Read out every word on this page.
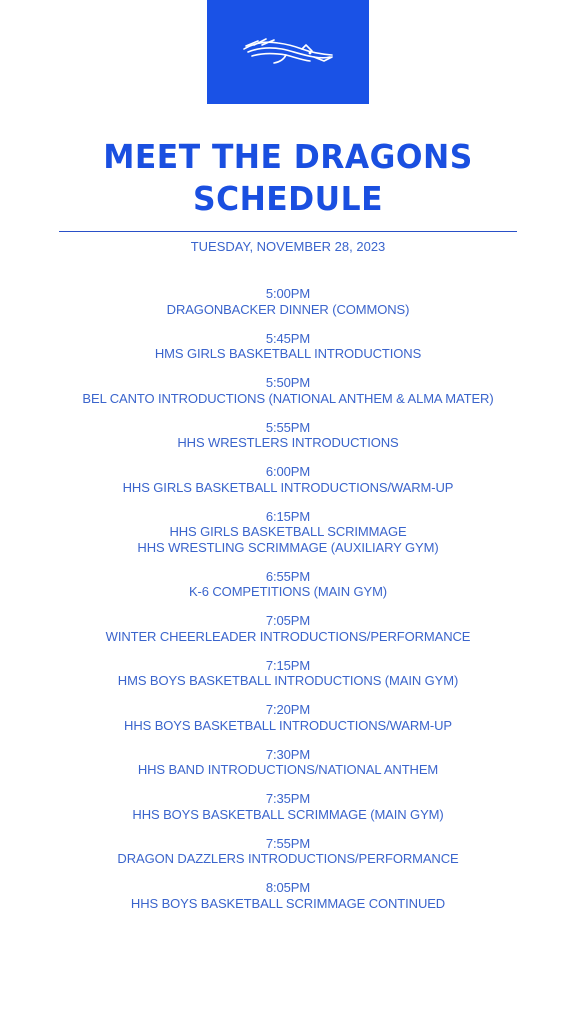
MEET THE DRAGONS
SCHEDULE
TUESDAY, NOVEMBER 28, 2023
5:00PM
DRAGONBACKER DINNER (COMMONS)
5:45PM
HMS GIRLS BASKETBALL INTRODUCTIONS
5:50PM
BEL CANTO INTRODUCTIONS (NATIONAL ANTHEM & ALMA MATER)
5:55PM
HHS WRESTLERS INTRODUCTIONS
6:00PM
HHS GIRLS BASKETBALL INTRODUCTIONS/WARM-UP
6:15PM
HHS GIRLS BASKETBALL SCRIMMAGE
HHS WRESTLING SCRIMMAGE (AUXILIARY GYM)
6:55PM
K-6 COMPETITIONS (MAIN GYM)
7:05PM
WINTER CHEERLEADER INTRODUCTIONS/PERFORMANCE
7:15PM
HMS BOYS BASKETBALL INTRODUCTIONS (MAIN GYM)
7:20PM
HHS BOYS BASKETBALL INTRODUCTIONS/WARM-UP
7:30PM
HHS BAND INTRODUCTIONS/NATIONAL ANTHEM
7:35PM
HHS BOYS BASKETBALL SCRIMMAGE (MAIN GYM)
7:55PM
DRAGON DAZZLERS INTRODUCTIONS/PERFORMANCE
8:05PM
HHS BOYS BASKETBALL SCRIMMAGE CONTINUED
